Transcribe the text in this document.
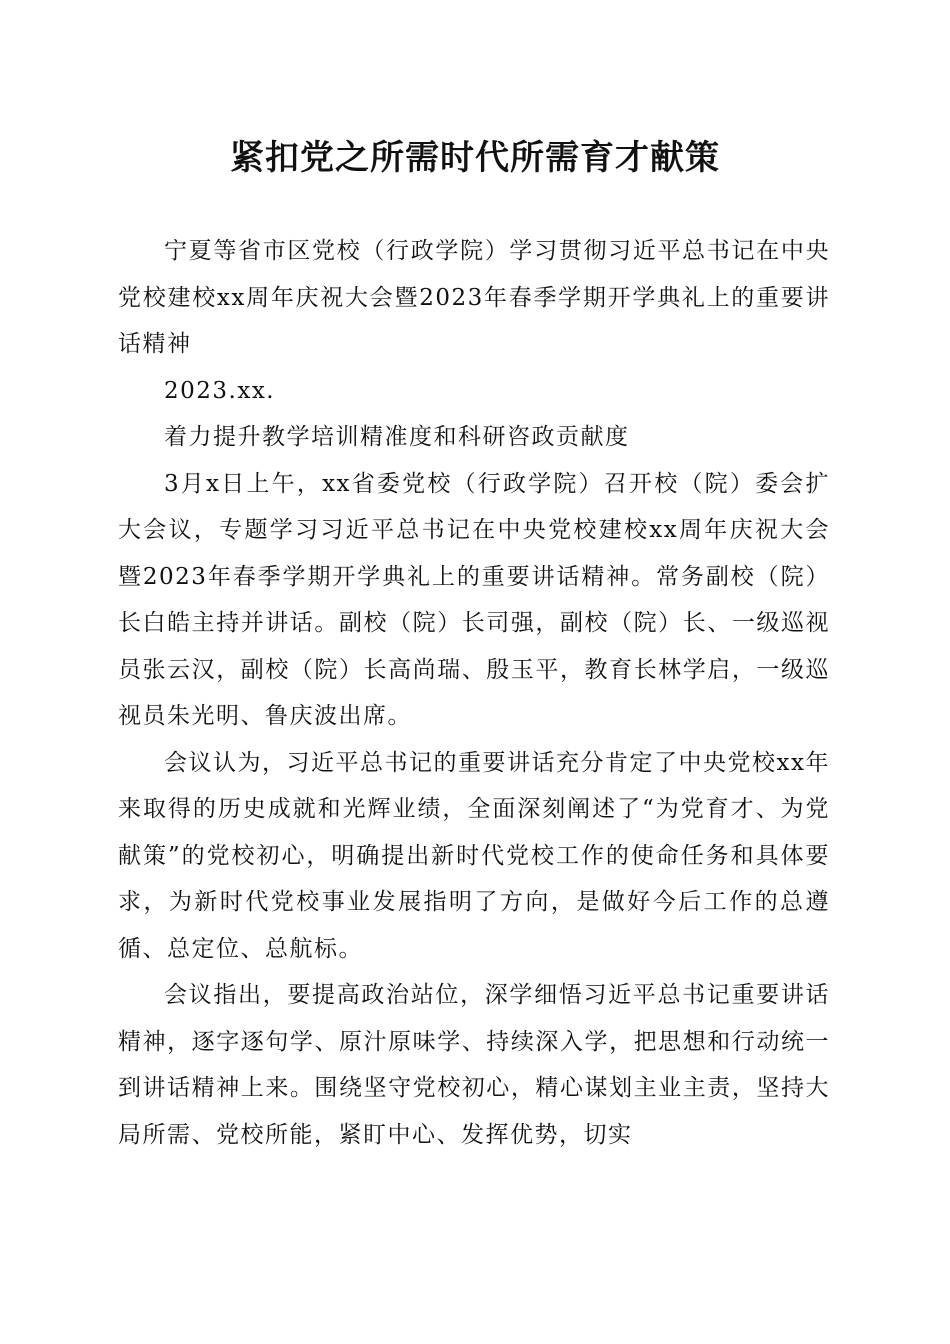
紧扣党之所需时代所需育才献策

宁夏等省市区党校（行政学院）学习贯彻习近平总书记在中央党校建校xx周年庆祝大会暨2023年春季学期开学典礼上的重要讲话精神

2023.xx.

着力提升教学培训精准度和科研咨政贡献度

3月x日上午，xx省委党校（行政学院）召开校（院）委会扩大会议，专题学习习近平总书记在中央党校建校xx周年庆祝大会暨2023年春季学期开学典礼上的重要讲话精神。常务副校（院）长白皓主持并讲话。副校（院）长司强，副校（院）长、一级巡视员张云汉，副校（院）长高尚瑞、殷玉平，教育长林学启，一级巡视员朱光明、鲁庆波出席。

会议认为，习近平总书记的重要讲话充分肯定了中央党校xx年来取得的历史成就和光辉业绩，全面深刻阐述了“为党育才、为党献策”的党校初心，明确提出新时代党校工作的使命任务和具体要求，为新时代党校事业发展指明了方向，是做好今后工作的总遵循、总定位、总航标。

会议指出，要提高政治站位，深学细悟习近平总书记重要讲话精神，逐字逐句学、原汁原味学、持续深入学，把思想和行动统一到讲话精神上来。围绕坚守党校初心，精心谋划主业主责，坚持大局所需、党校所能，紧盯中心、发挥优势，切实
